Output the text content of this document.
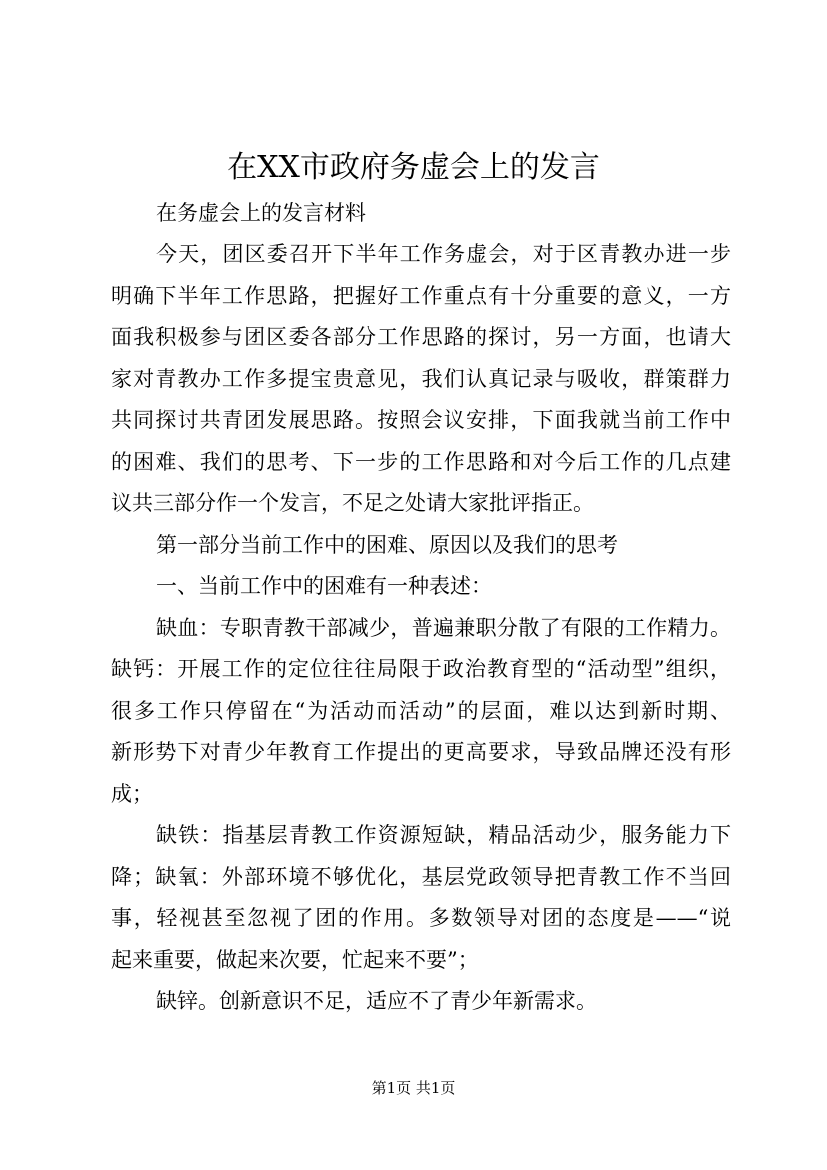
在XX市政府务虚会上的发言
在务虚会上的发言材料
今天，团区委召开下半年工作务虚会，对于区青教办进一步
明确下半年工作思路，把握好工作重点有十分重要的意义，一方
面我积极参与团区委各部分工作思路的探讨，另一方面，也请大
家对青教办工作多提宝贵意见，我们认真记录与吸收，群策群力
共同探讨共青团发展思路。按照会议安排，下面我就当前工作中
的困难、我们的思考、下一步的工作思路和对今后工作的几点建
议共三部分作一个发言，不足之处请大家批评指正。
第一部分当前工作中的困难、原因以及我们的思考
一、当前工作中的困难有一种表述：
缺血：专职青教干部减少，普遍兼职分散了有限的工作精力。
缺钙：开展工作的定位往往局限于政治教育型的“活动型”组织，
很多工作只停留在“为活动而活动”的层面，难以达到新时期、
新形势下对青少年教育工作提出的更高要求，导致品牌还没有形
成；
缺铁：指基层青教工作资源短缺，精品活动少，服务能力下
降；缺氧：外部环境不够优化，基层党政领导把青教工作不当回
事，轻视甚至忽视了团的作用。多数领导对团的态度是——“说
起来重要，做起来次要，忙起来不要”；
缺锌。创新意识不足，适应不了青少年新需求。
第1页 共1页
